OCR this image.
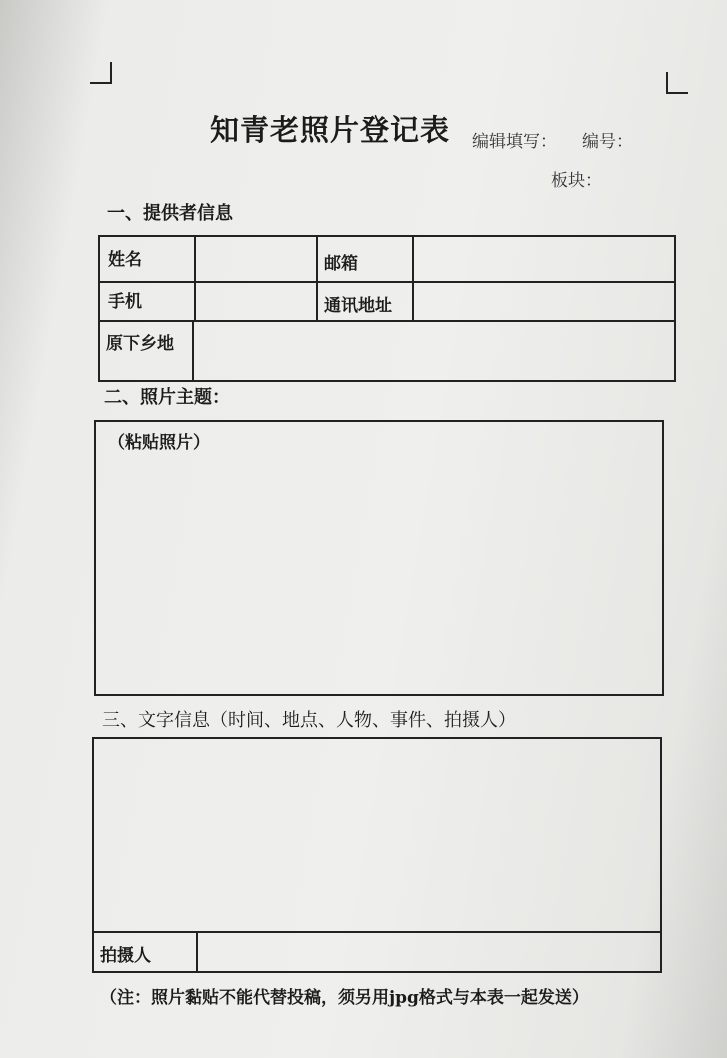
知青老照片登记表 编辑填写： 编号：
板块：
一、提供者信息
姓名	邮箱
手机	通讯地址
原下乡地
二、照片主题：
（粘贴照片）
三、文字信息（时间、地点、人物、事件、拍摄人）
拍摄人
（注：照片黏贴不能代替投稿，须另用jpg格式与本表一起发送）
